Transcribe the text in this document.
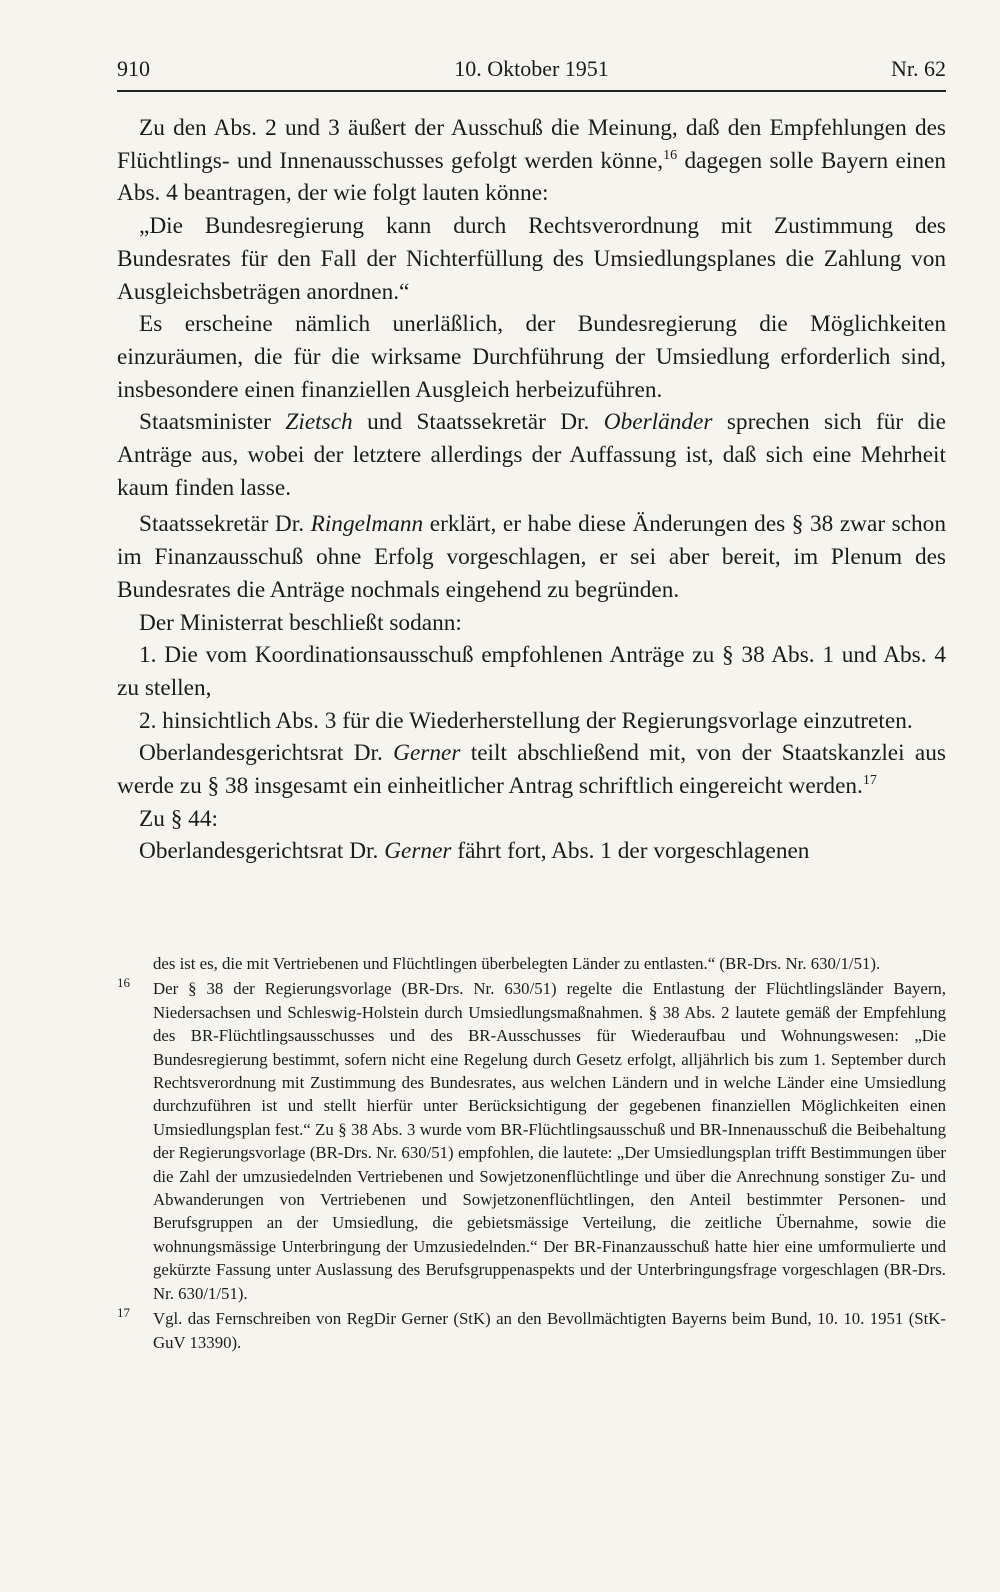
910	10. Oktober 1951	Nr. 62

Zu den Abs. 2 und 3 äußert der Ausschuß die Meinung, daß den Empfehlungen des Flüchtlings- und Innenausschusses gefolgt werden könne,$^{16}$ dagegen solle Bayern einen Abs. 4 beantragen, der wie folgt lauten könne:

„Die Bundesregierung kann durch Rechtsverordnung mit Zustimmung des Bundesrates für den Fall der Nichterfüllung des Umsiedlungsplanes die Zahlung von Ausgleichsbeträgen anordnen.“

Es erscheine nämlich unerläßlich, der Bundesregierung die Möglichkeiten einzuräumen, die für die wirksame Durchführung der Umsiedlung erforderlich sind, insbesondere einen finanziellen Ausgleich herbeizuführen.

Staatsminister Zietsch und Staatssekretär Dr. Oberländer sprechen sich für die Anträge aus, wobei der letztere allerdings der Auffassung ist, daß sich eine Mehrheit kaum finden lasse.

Staatssekretär Dr. Ringelmann erklärt, er habe diese Änderungen des § 38 zwar schon im Finanzausschuß ohne Erfolg vorgeschlagen, er sei aber bereit, im Plenum des Bundesrates die Anträge nochmals eingehend zu begründen.

Der Ministerrat beschließt sodann:

1. Die vom Koordinationsausschuß empfohlenen Anträge zu § 38 Abs. 1 und Abs. 4 zu stellen,

2. hinsichtlich Abs. 3 für die Wiederherstellung der Regierungsvorlage einzutreten.

Oberlandesgerichtsrat Dr. Gerner teilt abschließend mit, von der Staatskanzlei aus werde zu § 38 insgesamt ein einheitlicher Antrag schriftlich eingereicht werden.$^{17}$

Zu § 44:

Oberlandesgerichtsrat Dr. Gerner fährt fort, Abs. 1 der vorgeschlagenen

des ist es, die mit Vertriebenen und Flüchtlingen überbelegten Länder zu entlasten.“ (BR-Drs. Nr. 630/1/51).

16 Der § 38 der Regierungsvorlage (BR-Drs. Nr. 630/51) regelte die Entlastung der Flüchtlingsländer Bayern, Niedersachsen und Schleswig-Holstein durch Umsiedlungsmaßnahmen. § 38 Abs. 2 lautete gemäß der Empfehlung des BR-Flüchtlingsausschusses und des BR-Ausschusses für Wiederaufbau und Wohnungswesen: „Die Bundesregierung bestimmt, sofern nicht eine Regelung durch Gesetz erfolgt, alljährlich bis zum 1. September durch Rechtsverordnung mit Zustimmung des Bundesrates, aus welchen Ländern und in welche Länder eine Umsiedlung durchzuführen ist und stellt hierfür unter Berücksichtigung der gegebenen finanziellen Möglichkeiten einen Umsiedlungsplan fest.“ Zu § 38 Abs. 3 wurde vom BR-Flüchtlingsausschuß und BR-Innenausschuß die Beibehaltung der Regierungsvorlage (BR-Drs. Nr. 630/51) empfohlen, die lautete: „Der Umsiedlungsplan trifft Bestimmungen über die Zahl der umzusiedelnden Vertriebenen und Sowjetzonenflüchtlinge und über die Anrechnung sonstiger Zu- und Abwanderungen von Vertriebenen und Sowjetzonenflüchtlingen, den Anteil bestimmter Personen- und Berufsgruppen an der Umsiedlung, die gebietsmässige Verteilung, die zeitliche Übernahme, sowie die wohnungsmässige Unterbringung der Umzusiedelnden.“ Der BR-Finanzausschuß hatte hier eine umformulierte und gekürzte Fassung unter Auslassung des Berufsgruppenaspekts und der Unterbringungsfrage vorgeschlagen (BR-Drs. Nr. 630/1/51).

17 Vgl. das Fernschreiben von RegDir Gerner (StK) an den Bevollmächtigten Bayerns beim Bund, 10. 10. 1951 (StK-GuV 13390).
